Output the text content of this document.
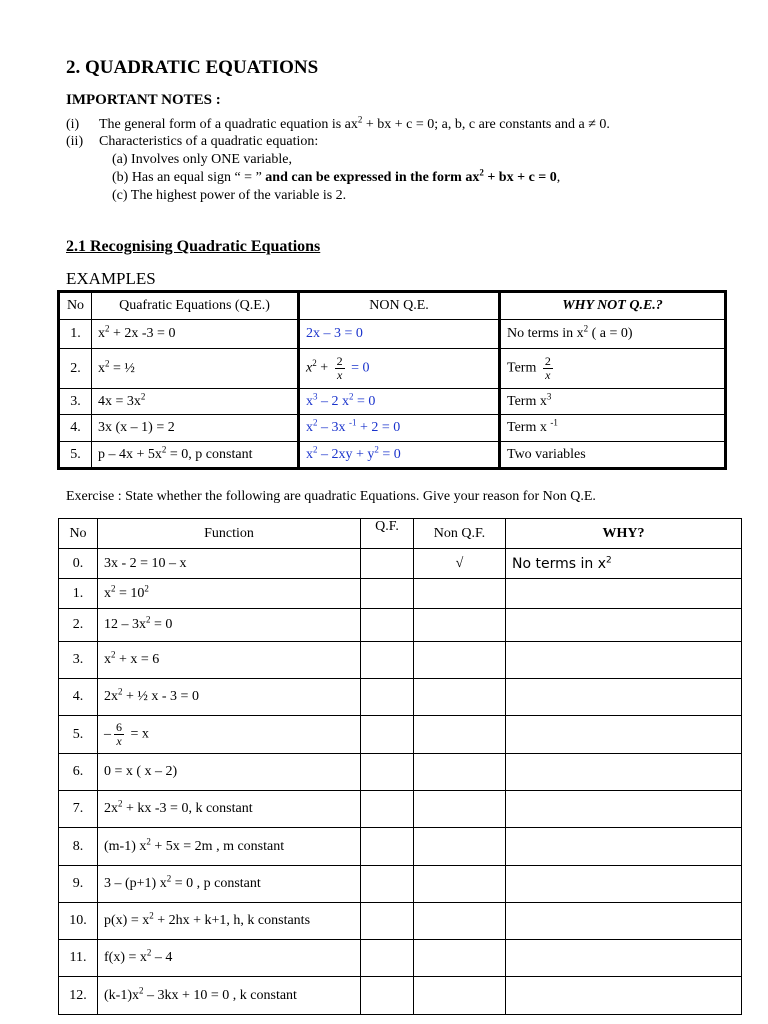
2. QUADRATIC EQUATIONS
IMPORTANT NOTES :
(i) The general form of a quadratic equation is $ax^2$ + bx + c = 0; a, b, c are constants and a ≠ 0.
(ii) Characteristics of a quadratic equation:
(a) Involves only ONE variable,
(b) Has an equal sign “ = ” and can be expressed in the form $ax^2$ + bx + c = 0,
(c) The highest power of the variable is 2.
2.1 Recognising Quadratic Equations
EXAMPLES
No	Quafratic Equations (Q.E.)	NON Q.E.	WHY NOT Q.E.?
1.	$x^2 + 2x$ -3 = 0	2x – 3 = 0	No terms in $x^2$ ( a = 0)
2.	$x^2$ = ½	$x^2 + \frac{2}{x} = 0$	Term $\frac{2}{x}$

3.	$4x = 3x^2$	$x^3 - 2$ $x^2 = 0$	Term $x^3$
4.	3x (x – 1) = 2	$x^2 - 3x$ $^{-1}$ + 2 = 0	Term x $^{-1}$
5.	$p - 4x + 5x^2 = 0$, p constant	$x^2 - 2xy + y^2 = 0$	Two variables
Exercise : State whether the following are quadratic Equations. Give your reason for Non Q.E.
No	Function	Q.F.	Non Q.F.	WHY?
0.	3x - 2 = 10 – x		√	No terms in $x^2$
1.	$x^2 = 10^2$			
2.	$12 - 3x^2 = 0$			
3.	$x^2 + x = 6$			
4.	$2x^2$ + ½ x - 3 = 0			
5.	– $\frac{6}{x} = x$			
6.	0 = x ( x – 2)			
7.	$2x^2$ + kx -3 = 0, k constant			
8.	(m-1) $x^2 + 5x = 2m$ , m constant			
9.	3 – (p+1) $x^2 = 0$ , p constant			
10.	$p(x) = x^2 + 2hx + k+1$, h, k constants			
11.	$f(x) = x^2 - 4$			
12.	$(k-1)x^2 - 3kx + 10 = 0$ , k constant			
